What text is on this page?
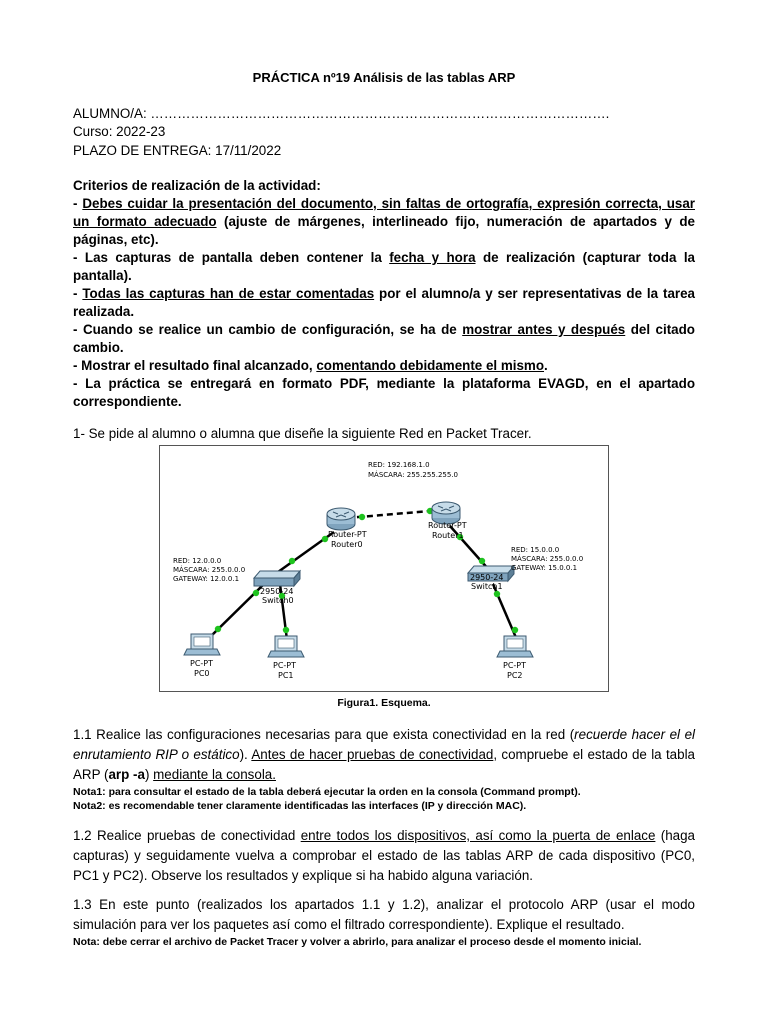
PRÁCTICA nº19 Análisis de las tablas ARP
ALUMNO/A: ………………………………………………………………………………………….
Curso: 2022-23
PLAZO DE ENTREGA: 17/11/2022

Criterios de realización de la actividad:

- Debes cuidar la presentación del documento, sin faltas de ortografía, expresión correcta, usar un formato adecuado (ajuste de márgenes, interlineado fijo, numeración de apartados y de páginas, etc).

- Las capturas de pantalla deben contener la fecha y hora de realización (capturar toda la pantalla).

- Todas las capturas han de estar comentadas por el alumno/a y ser representativas de la tarea realizada.

- Cuando se realice un cambio de configuración, se ha de mostrar antes y después del citado cambio.

- Mostrar el resultado final alcanzado, comentando debidamente el mismo.

- La práctica se entregará en formato PDF, mediante la plataforma EVAGD, en el apartado correspondiente.

1- Se pide al alumno o alumna que diseñe la siguiente Red en Packet Tracer.
Router-PT
Router0
Router-PT
Router1
2950-24
Switch0
2950-24
Switch1
PC-PT
PC0
PC-PT
PC1
PC-PT
PC2
RED: 192.168.1.0
MÁSCARA: 255.255.255.0
RED: 12.0.0.0
MÁSCARA: 255.0.0.0
GATEWAY: 12.0.0.1
RED: 15.0.0.0
MÁSCARA: 255.0.0.0
GATEWAY: 15.0.0.1
Figura1. Esquema.

1.1 Realice las configuraciones necesarias para que exista conectividad en la red (recuerde hacer el el enrutamiento RIP o estático). Antes de hacer pruebas de conectividad, compruebe el estado de la tabla ARP (arp -a) mediante la consola.

Nota1: para consultar el estado de la tabla deberá ejecutar la orden en la consola (Command prompt).

Nota2: es recomendable tener claramente identificadas las interfaces (IP y dirección MAC).

1.2 Realice pruebas de conectividad entre todos los dispositivos, así como la puerta de enlace (haga capturas) y seguidamente vuelva a comprobar el estado de las tablas ARP de cada dispositivo (PC0, PC1 y PC2). Observe los resultados y explique si ha habido alguna variación.

1.3 En este punto (realizados los apartados 1.1 y 1.2), analizar el protocolo ARP (usar el modo simulación para ver los paquetes así como el filtrado correspondiente). Explique el resultado.

Nota: debe cerrar el archivo de Packet Tracer y volver a abrirlo, para analizar el proceso desde el momento inicial.
